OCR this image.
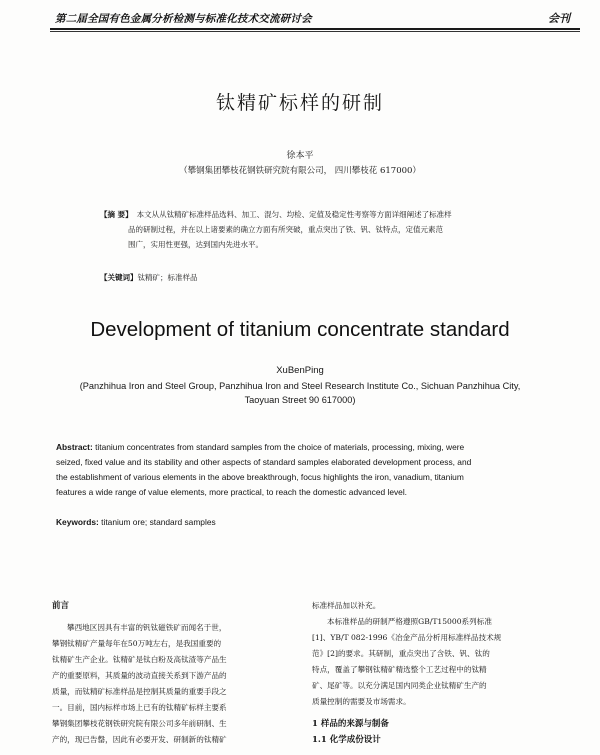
第二届全国有色金属分析检测与标准化技术交流研讨会	会刊
钛精矿标样的研制
徐本平
（攀钢集团攀枝花钢铁研究院有限公司， 四川攀枝花 617000）
【摘 要】 本文从从钛精矿标准样品选料、加工、混匀、均检、定值及稳定性考察等方面详细阐述了标准样
品的研制过程，并在以上诸要素的确立方面有所突破，重点突出了铁、钒、钛特点，定值元素范
围广，实用性更强，达到国内先进水平。
【关键词】钛精矿；标准样品
Development of titanium concentrate standard
XuBenPing
(Panzhihua Iron and Steel Group, Panzhihua Iron and Steel Research Institute Co., Sichuan Panzhihua City,
Taoyuan Street 90 617000)
Abstract: titanium concentrates from standard samples from the choice of materials, processing, mixing, were
seized, fixed value and its stability and other aspects of standard samples elaborated development process, and
the establishment of various elements in the above breakthrough, focus highlights the iron, vanadium, titanium
features a wide range of value elements, more practical, to reach the domestic advanced level.
Keywords: titanium ore; standard samples
前言
攀西地区因具有丰富的钒钛磁铁矿而闻名于世，
攀钢钛精矿产量每年在50万吨左右，是我国重要的
钛精矿生产企业。钛精矿是钛白粉及高钛渣等产品生
产的重要原料，其质量的波动直接关系到下游产品的
质量，而钛精矿标准样品是控制其质量的重要手段之
一。目前，国内标样市场上已有的钛精矿标样主要系
攀钢集团攀枝花钢铁研究院有限公司多年前研制、生
产的，现已告罄，因此有必要开发、研制新的钛精矿
标准样品加以补充。
本标准样品的研制严格遵照GB/T15000系列标准
[1]、YB/T 082-1996《冶金产品分析用标准样品技术规
范》[2]的要求。其研制，重点突出了含铁、钒、钛的
特点，覆盖了攀钢钛精矿精选整个工艺过程中的钛精
矿、尾矿等。以充分满足国内同类企业钛精矿生产的
质量控制的需要及市场需求。
1 样品的来源与制备
1.1 化学成份设计
